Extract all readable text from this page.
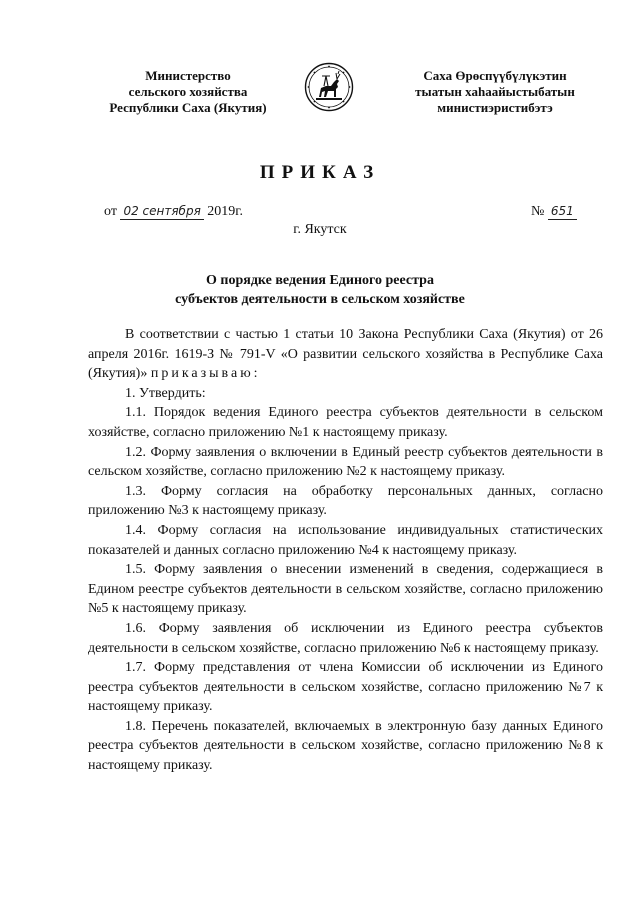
Министерство
сельского хозяйства
Республики Саха (Якутия)
Саха Өрөспүүбүлүкэтин
тыатын хаһаайыстыбатын
министиэристибэтэ
ПРИКАЗ
от 02 сентября 2019г.	№ 651
г. Якутск
О порядке ведения Единого реестра
субъектов деятельности в сельском хозяйстве

В соответствии с частью 1 статьи 10 Закона Республики Саха (Якутия) от 26 апреля 2016г. 1619-З № 791-V «О развитии сельского хозяйства в Республике Саха (Якутия)» приказываю:

1. Утвердить:

1.1. Порядок ведения Единого реестра субъектов деятельности в сельском хозяйстве, согласно приложению №1 к настоящему приказу.

1.2. Форму заявления о включении в Единый реестр субъектов деятельности в сельском хозяйстве, согласно приложению №2 к настоящему приказу.

1.3. Форму согласия на обработку персональных данных, согласно приложению №3 к настоящему приказу.

1.4. Форму согласия на использование индивидуальных статистических показателей и данных согласно приложению №4 к настоящему приказу.

1.5. Форму заявления о внесении изменений в сведения, содержащиеся в Едином реестре субъектов деятельности в сельском хозяйстве, согласно приложению №5 к настоящему приказу.

1.6. Форму заявления об исключении из Единого реестра субъектов деятельности в сельском хозяйстве, согласно приложению №6 к настоящему приказу.

1.7. Форму представления от члена Комиссии об исключении из Единого реестра субъектов деятельности в сельском хозяйстве, согласно приложению №7 к настоящему приказу.

1.8. Перечень показателей, включаемых в электронную базу данных Единого реестра субъектов деятельности в сельском хозяйстве, согласно приложению №8 к настоящему приказу.
